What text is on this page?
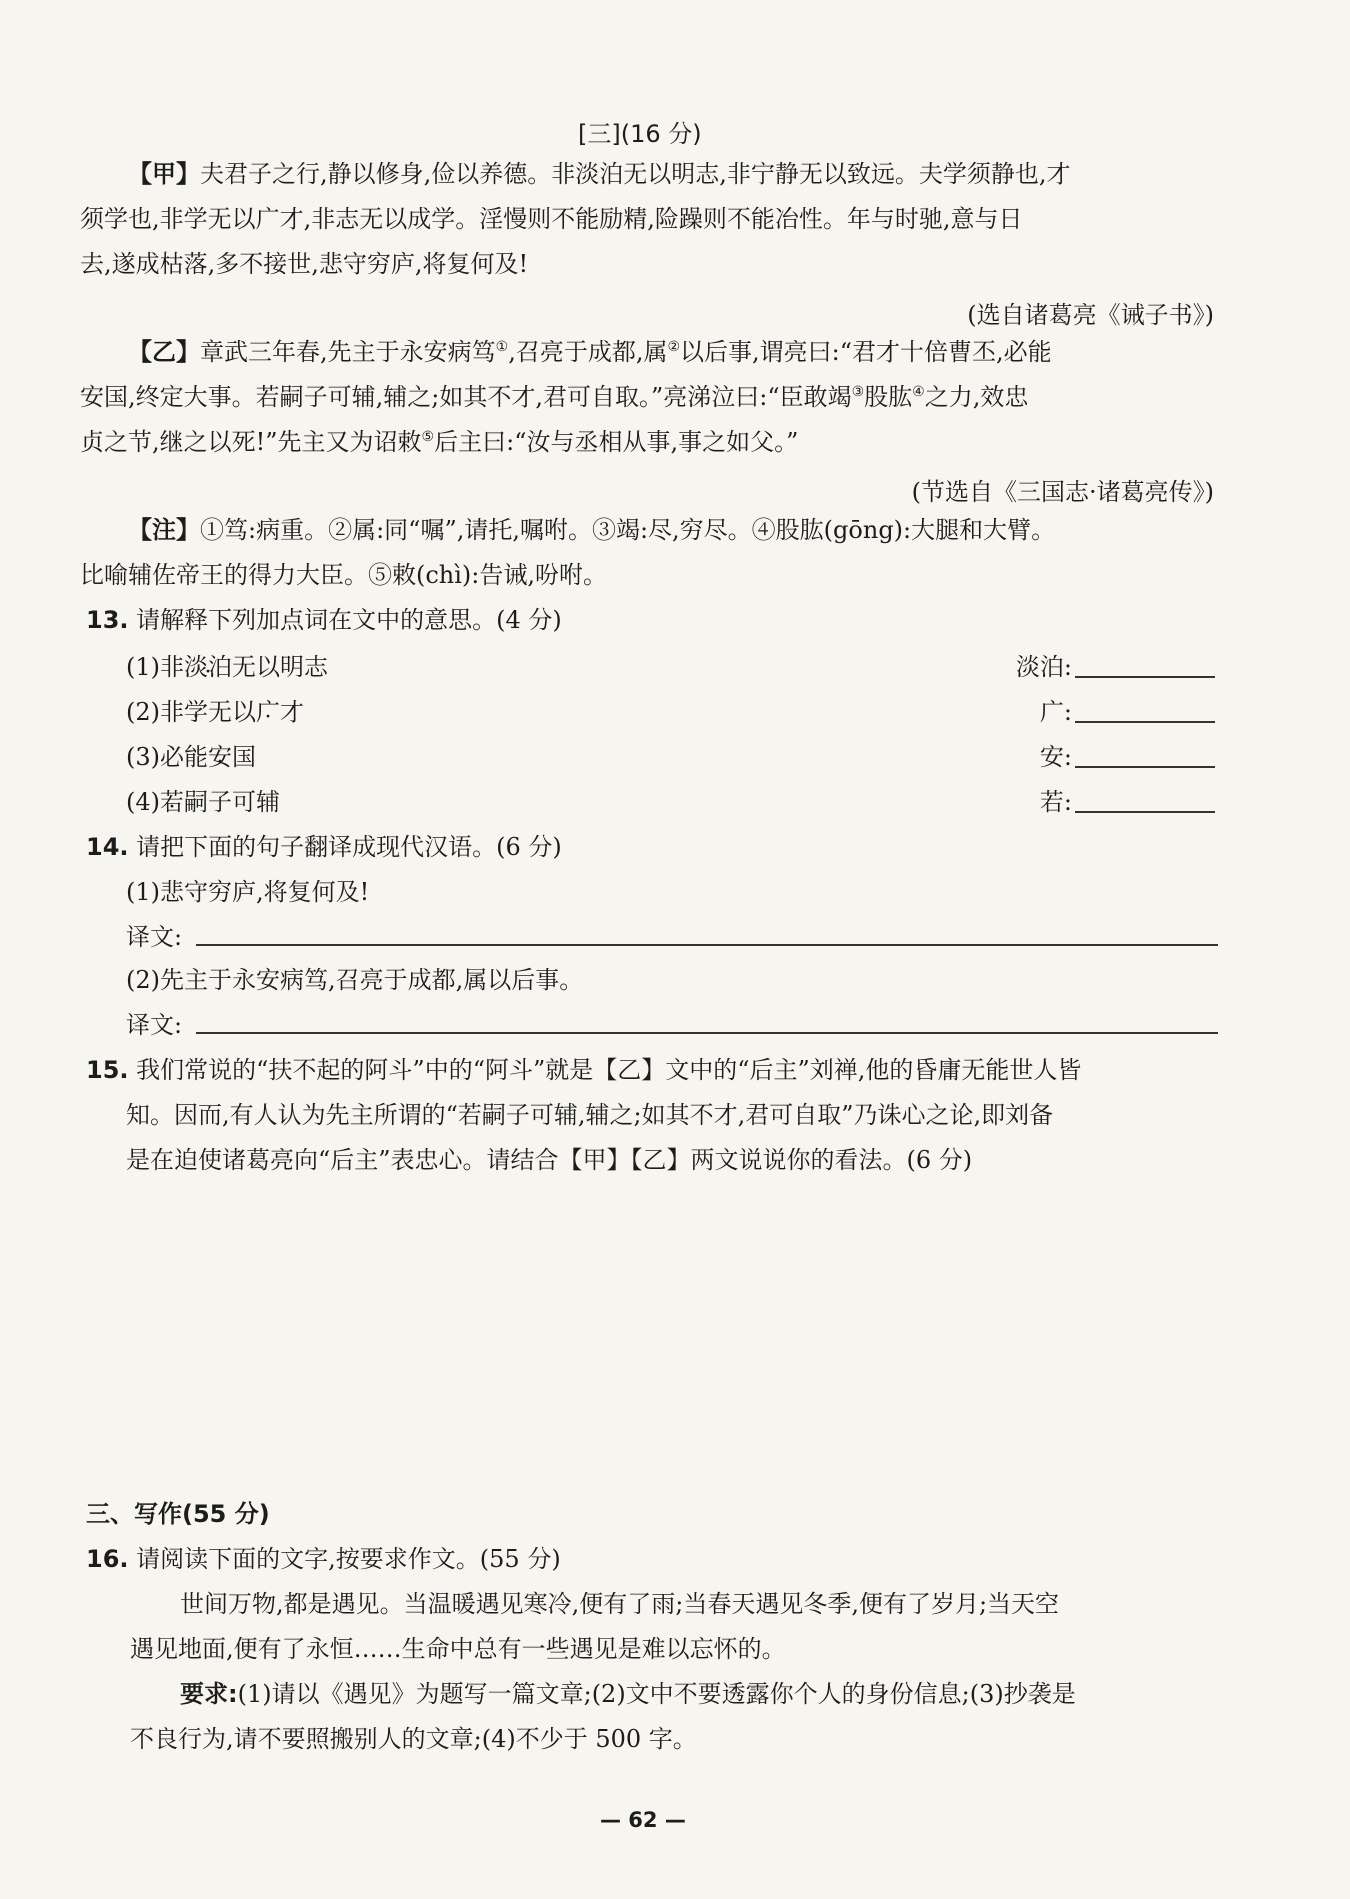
[三](16 分)
【甲】夫君子之行,静以修身,俭以养德。非淡泊无以明志,非宁静无以致远。夫学须静也,才
须学也,非学无以广才,非志无以成学。淫慢则不能励精,险躁则不能冶性。年与时驰,意与日
去,遂成枯落,多不接世,悲守穷庐,将复何及!
(选自诸葛亮《诫子书》)
【乙】章武三年春,先主于永安病笃①,召亮于成都,属②以后事,谓亮曰:“君才十倍曹丕,必能
安国,终定大事。若嗣子可辅,辅之;如其不才,君可自取。”亮涕泣曰:“臣敢竭③股肱④之力,效忠
贞之节,继之以死!”先主又为诏敕⑤后主曰:“汝与丞相从事,事之如父。”
(节选自《三国志·诸葛亮传》)
【注】①笃:病重。②属:同“嘱”,请托,嘱咐。③竭:尽,穷尽。④股肱(gōng):大腿和大臂。
比喻辅佐帝王的得力大臣。⑤敕(chì):告诫,吩咐。
13. 请解释下列加点词在文中的意思。(4 分)
(1)非淡泊 ·无以明志
(2)非学 ·无以广 ·才
(3)必能安 ·国
(4)若 ·嗣子可辅
淡泊:
广:
安:
若:
14. 请把下面的句子翻译成现代汉语。(6 分)
(1)悲守穷庐,将复何及!
译文:
(2)先主于永安病笃,召亮于成都,属以后事。
译文:
15. 我们常说的“扶不起的阿斗”中的“阿斗”就是【乙】文中的“后主”刘禅,他的昏庸无能世人皆
知。因而,有人认为先主所谓的“若嗣子可辅,辅之;如其不才,君可自取”乃诛心之论,即刘备
是在迫使诸葛亮向“后主”表忠心。请结合【甲】【乙】两文说说你的看法。(6 分)
三、写作(55 分)
16. 请阅读下面的文字,按要求作文。(55 分)
世间万物,都是遇见。当温暖遇见寒冷,便有了雨;当春天遇见冬季,便有了岁月;当天空
遇见地面,便有了永恒……生命中总有一些遇见是难以忘怀的。
要求:(1)请以《遇见》为题写一篇文章;(2)文中不要透露你个人的身份信息;(3)抄袭是
不良行为,请不要照搬别人的文章;(4)不少于 500 字。
— 62 —
